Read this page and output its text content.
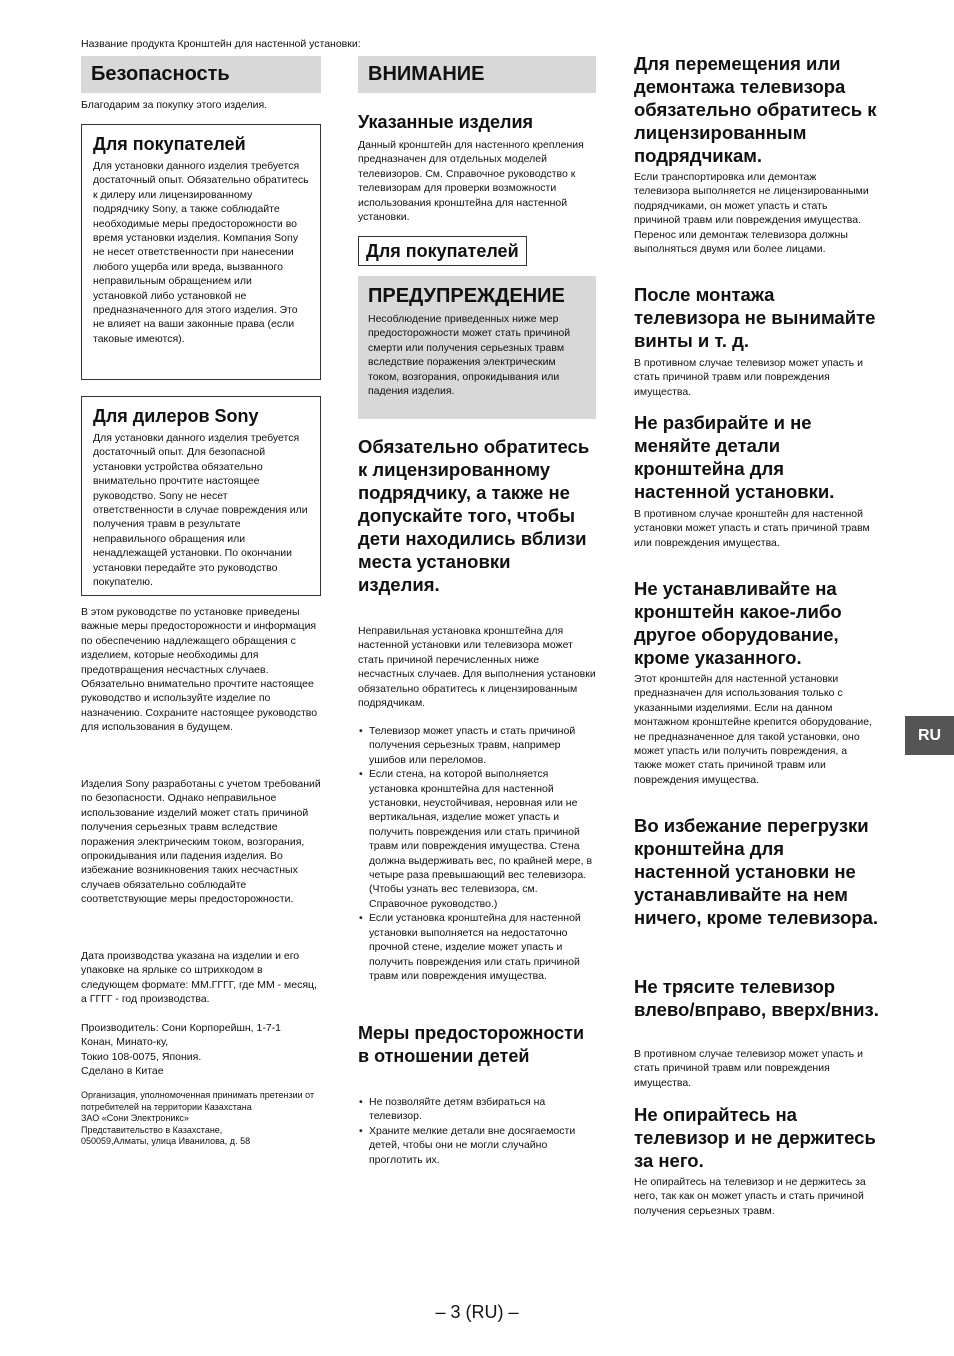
Название продукта Кронштейн для настенной установки:
Безопасность

Благодарим за покупку этого изделия.

Для покупателей

Для установки данного изделия требуется достаточный опыт. Обязательно обратитесь к дилеру или лицензированному подрядчику Sony, а также соблюдайте необходимые меры предосторожности во время установки изделия. Компания Sony не несет ответственности при нанесении любого ущерба или вреда, вызванного неправильным обращением или установкой либо установкой не предназначенного для этого изделия. Это не влияет на ваши законные права (если таковые имеются).

Для дилеров Sony

Для установки данного изделия требуется достаточный опыт. Для безопасной установки устройства обязательно внимательно прочтите настоящее руководство. Sony не несет ответственности в случае повреждения или получения травм в результате неправильного обращения или ненадлежащей установки. По окончании установки передайте это руководство покупателю.

В этом руководстве по установке приведены важные меры предосторожности и информация по обеспечению надлежащего обращения с изделием, которые необходимы для предотвращения несчастных случаев. Обязательно внимательно прочтите настоящее руководство и используйте изделие по назначению. Сохраните настоящее руководство для использования в будущем.

Изделия Sony разработаны с учетом требований по безопасности. Однако неправильное использование изделий может стать причиной получения серьезных травм вследствие поражения электрическим током, возгорания, опрокидывания или падения изделия. Во избежание возникновения таких несчастных случаев обязательно соблюдайте соответствующие меры предосторожности.

Дата производства указана на изделии и его упаковке на ярлыке со штрихкодом в следующем формате: ММ.ГГГГ, где ММ - месяц, а ГГГГ - год производства.

Производитель: Сони Корпорейшн, 1-7-1

Конан, Минато-ку,

Токио 108-0075, Япония.

Сделано в Китае

Организация, уполномоченная принимать претензии от

потребителей на территории Казахстана

ЗАО «Сони Электроникс»

Представительство в Казахстане,

050059,Алматы, улица Иванилова, д. 58

ВНИМАНИЕ
Указанные изделия

Данный кронштейн для настенного крепления предназначен для отдельных моделей телевизоров. См. Справочное руководство к телевизорам для проверки возможности использования кронштейна для настенной установки.

Для покупателей

ПРЕДУПРЕЖДЕНИЕ

Несоблюдение приведенных ниже мер предосторожности может стать причиной смерти или получения серьезных травм вследствие поражения электрическим током, возгорания, опрокидывания или падения изделия.

Обязательно обратитесь к лицензированному подрядчику, а также не допускайте того, чтобы дети находились вблизи места установки изделия.

Неправильная установка кронштейна для настенной установки или телевизора может стать причиной перечисленных ниже несчастных случаев. Для выполнения установки обязательно обратитесь к лицензированным подрядчикам.

• Телевизор может упасть и стать причиной получения серьезных травм, например ушибов или переломов.
• Если стена, на которой выполняется установка кронштейна для настенной установки, неустойчивая, неровная или не вертикальная, изделие может упасть и получить повреждения или стать причиной травм или повреждения имущества. Стена должна выдерживать вес, по крайней мере, в четыре раза превышающий вес телевизора. (Чтобы узнать вес телевизора, см. Справочное руководство.)
• Если установка кронштейна для настенной установки выполняется на недостаточно прочной стене, изделие может упасть и получить повреждения или стать причиной травм или повреждения имущества.
Меры предосторожности в отношении детей
• Не позволяйте детям взбираться на телевизор.
• Храните мелкие детали вне досягаемости детей, чтобы они не могли случайно проглотить их.
Для перемещения или демонтажа телевизора обязательно обратитесь к лицензированным подрядчикам.

Если транспортировка или демонтаж телевизора выполняется не лицензированными подрядчиками, он может упасть и стать причиной травм или повреждения имущества. Перенос или демонтаж телевизора должны выполняться двумя или более лицами.

После монтажа телевизора не вынимайте винты и т. д.

В противном случае телевизор может упасть и стать причиной травм или повреждения имущества.

Не разбирайте и не меняйте детали кронштейна для настенной установки.

В противном случае кронштейн для настенной установки может упасть и стать причиной травм или повреждения имущества.

Не устанавливайте на кронштейн какое-либо другое оборудование, кроме указанного.

Этот кронштейн для настенной установки предназначен для использования только с указанными изделиями. Если на данном монтажном кронштейне крепится оборудование, не предназначенное для такой установки, оно может упасть или получить повреждения, а также может стать причиной травм или повреждения имущества.

Во избежание перегрузки кронштейна для настенной установки не устанавливайте на нем ничего, кроме телевизора.
Не трясите телевизор влево/вправо, вверх/вниз.

В противном случае телевизор может упасть и стать причиной травм или повреждения имущества.

Не опирайтесь на телевизор и не держитесь за него.

Не опирайтесь на телевизор и не держитесь за него, так как он может упасть и стать причиной получения серьезных травм.

RU
– 3 (RU) –
